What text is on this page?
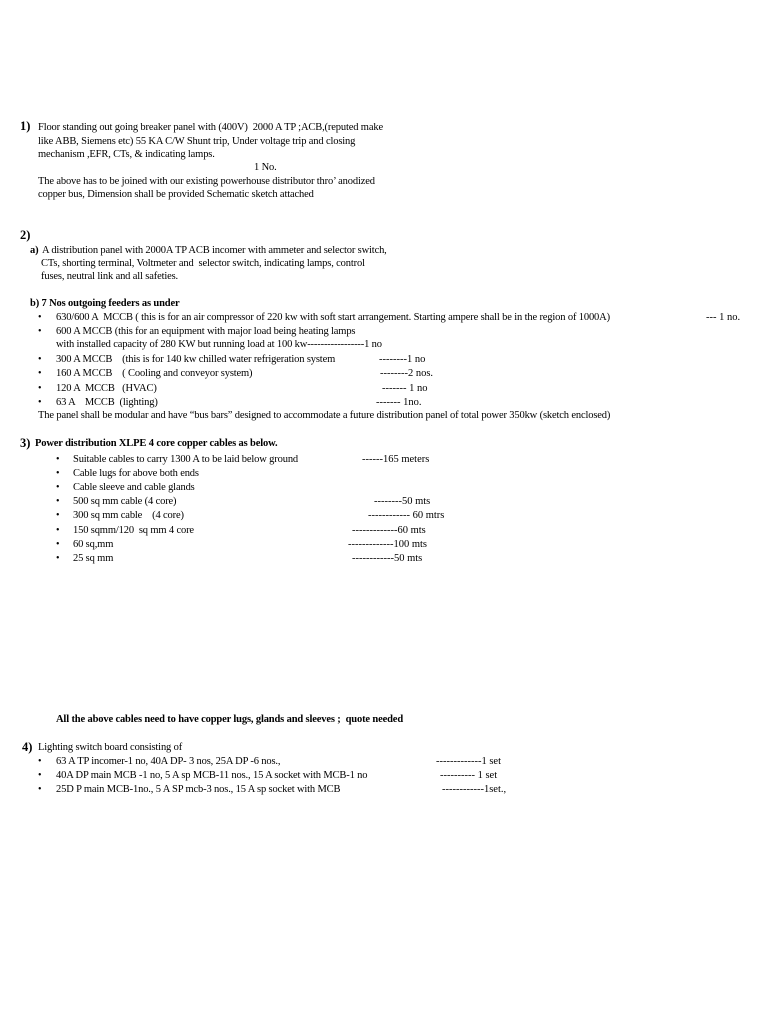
1) Floor standing out going breaker panel with (400V)  2000 A TP ;ACB,(reputed make
like ABB, Siemens etc) 55 KA C/W Shunt trip, Under voltage trip and closing
mechanism ,EFR, CTs, & indicating lamps.
1 No.
The above has to be joined with our existing powerhouse distributor thro’ anodized
copper bus, Dimension shall be provided Schematic sketch attached
2)
a) A distribution panel with 2000A TP ACB incomer with ammeter and selector switch,
CTs, shorting terminal, Voltmeter and  selector switch, indicating lamps, control
fuses, neutral link and all safeties.
b) 7 Nos outgoing feeders as under
• 630/600 A  MCCB ( this is for an air compressor of 220 kw with soft start arrangement. Starting ampere shall be in the region of 1000A)	--- 1 no.
• 600 A MCCB (this for an equipment with major load being heating lamps
with installed capacity of 280 KW but running load at 100 kw-----------------1 no
• 300 A MCCB    (this is for 140 kw chilled water refrigeration system	--------1 no
• 160 A MCCB    ( Cooling and conveyor system)	--------2 nos.
• 120 A  MCCB   (HVAC)	------- 1 no
• 63 A    MCCB  (lighting)	------- 1no.
The panel shall be modular and have “bus bars” designed to accommodate a future distribution panel of total power 350kw (sketch enclosed)
3) Power distribution XLPE 4 core copper cables as below.
• Suitable cables to carry 1300 A to be laid below ground	------165 meters
• Cable lugs for above both ends
• Cable sleeve and cable glands
• 500 sq mm cable (4 core)	--------50 mts
• 300 sq mm cable    (4 core)	------------ 60 mtrs
• 150 sqmm/120  sq mm 4 core	-------------60 mts
• 60 sq,mm	-------------100 mts
• 25 sq mm	------------50 mts
All the above cables need to have copper lugs, glands and sleeves ;  quote needed
4) Lighting switch board consisting of
• 63 A TP incomer-1 no, 40A DP- 3 nos, 25A DP -6 nos.,	-------------1 set
• 40A DP main MCB -1 no, 5 A sp MCB-11 nos., 15 A socket with MCB-1 no	---------- 1 set
• 25D P main MCB-1no., 5 A SP mcb-3 nos., 15 A sp socket with MCB	------------1set.,
